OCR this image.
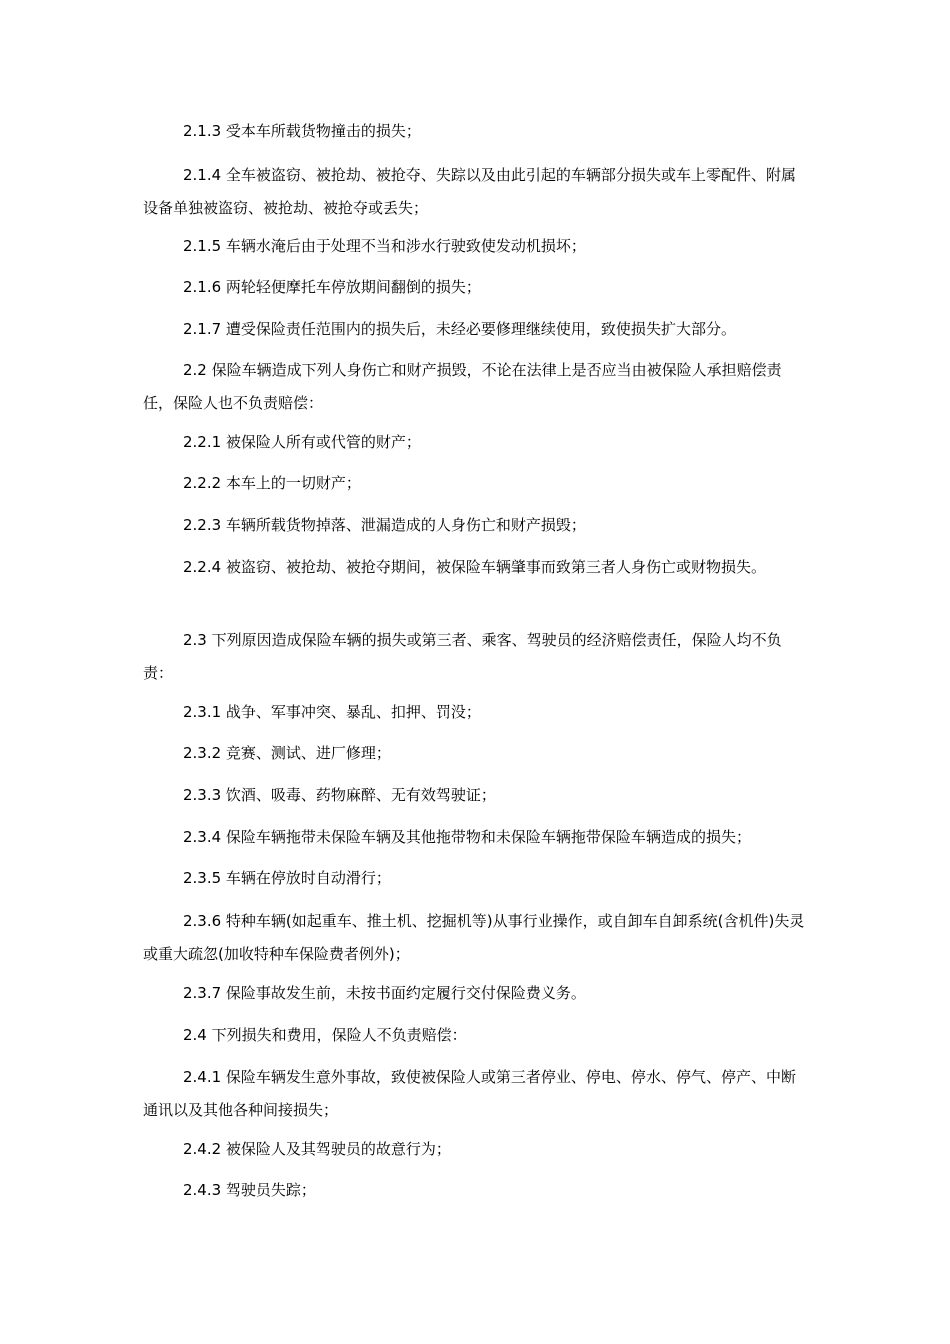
2.1.3 受本车所载货物撞击的损失；

2.1.4 全车被盗窃、被抢劫、被抢夺、失踪以及由此引起的车辆部分损失或车上零配件、附属设备单独被盗窃、被抢劫、被抢夺或丢失；

2.1.5 车辆水淹后由于处理不当和涉水行驶致使发动机损坏；

2.1.6 两轮轻便摩托车停放期间翻倒的损失；

2.1.7 遭受保险责任范围内的损失后，未经必要修理继续使用，致使损失扩大部分。

2.2 保险车辆造成下列人身伤亡和财产损毁，不论在法律上是否应当由被保险人承担赔偿责任，保险人也不负责赔偿：

2.2.1 被保险人所有或代管的财产；

2.2.2 本车上的一切财产；

2.2.3 车辆所载货物掉落、泄漏造成的人身伤亡和财产损毁；

2.2.4 被盗窃、被抢劫、被抢夺期间，被保险车辆肇事而致第三者人身伤亡或财物损失。

2.3 下列原因造成保险车辆的损失或第三者、乘客、驾驶员的经济赔偿责任，保险人均不负责：

2.3.1 战争、军事冲突、暴乱、扣押、罚没；

2.3.2 竞赛、测试、进厂修理；

2.3.3 饮酒、吸毒、药物麻醉、无有效驾驶证；

2.3.4 保险车辆拖带未保险车辆及其他拖带物和未保险车辆拖带保险车辆造成的损失；

2.3.5 车辆在停放时自动滑行；

2.3.6 特种车辆(如起重车、推土机、挖掘机等)从事行业操作，或自卸车自卸系统(含机件)失灵或重大疏忽(加收特种车保险费者例外)；

2.3.7 保险事故发生前，未按书面约定履行交付保险费义务。

2.4 下列损失和费用，保险人不负责赔偿：

2.4.1 保险车辆发生意外事故，致使被保险人或第三者停业、停电、停水、停气、停产、中断通讯以及其他各种间接损失；

2.4.2 被保险人及其驾驶员的故意行为；

2.4.3 驾驶员失踪；
